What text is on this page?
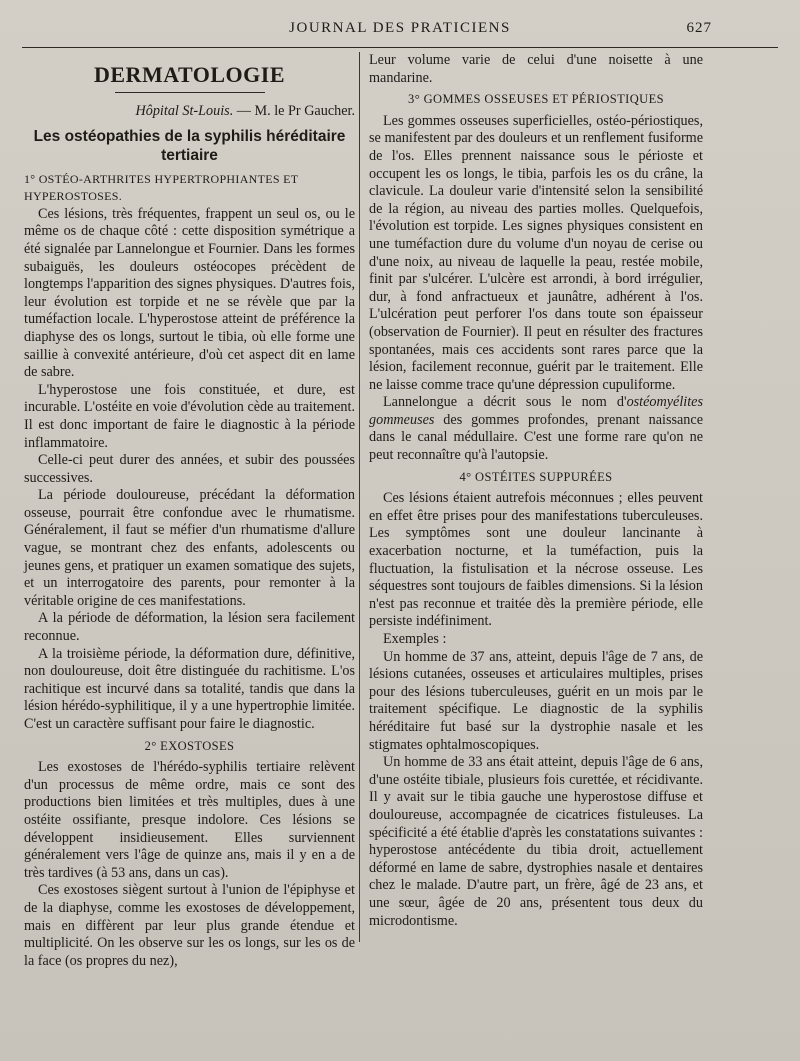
JOURNAL DES PRATICIENS	627
DERMATOLOGIE
Hôpital St-Louis. — M. le Pr Gaucher.
Les ostéopathies de la syphilis héréditaire tertiaire
1° OSTÉO-ARTHRITES HYPERTROPHIANTES ET HYPEROSTOSES.

Ces lésions, très fréquentes, frappent un seul os, ou le même os de chaque côté : cette disposition symétrique a été signalée par Lannelongue et Fournier. Dans les formes subaiguës, les douleurs ostéocopes précèdent de longtemps l'apparition des signes physiques. D'autres fois, leur évolution est torpide et ne se révèle que par la tuméfaction locale. L'hyperostose atteint de préférence la diaphyse des os longs, surtout le tibia, où elle forme une saillie à convexité antérieure, d'où cet aspect dit en lame de sabre.

L'hyperostose une fois constituée, et dure, est incurable. L'ostéite en voie d'évolution cède au traitement. Il est donc important de faire le diagnostic à la période inflammatoire.

Celle-ci peut durer des années, et subir des poussées successives.

La période douloureuse, précédant la déformation osseuse, pourrait être confondue avec le rhumatisme. Généralement, il faut se méfier d'un rhumatisme d'allure vague, se montrant chez des enfants, adolescents ou jeunes gens, et pratiquer un examen somatique des sujets, et un interrogatoire des parents, pour remonter à la véritable origine de ces manifestations.

A la période de déformation, la lésion sera facilement reconnue.

A la troisième période, la déformation dure, définitive, non douloureuse, doit être distinguée du rachitisme. L'os rachitique est incurvé dans sa totalité, tandis que dans la lésion hérédo-syphilitique, il y a une hypertrophie limitée. C'est un caractère suffisant pour faire le diagnostic.

2° EXOSTOSES

Les exostoses de l'hérédo-syphilis tertiaire relèvent d'un processus de même ordre, mais ce sont des productions bien limitées et très multiples, dues à une ostéite ossifiante, presque indolore. Ces lésions se développent insidieusement. Elles surviennent généralement vers l'âge de quinze ans, mais il y en a de très tardives (à 53 ans, dans un cas).

Ces exostoses siègent surtout à l'union de l'épiphyse et de la diaphyse, comme les exostoses de développement, mais en diffèrent par leur plus grande étendue et multiplicité. On les observe sur les os longs, sur les os de la face (os propres du nez),

Leur volume varie de celui d'une noisette à une mandarine.

3° GOMMES OSSEUSES ET PÉRIOSTIQUES

Les gommes osseuses superficielles, ostéo-périostiques, se manifestent par des douleurs et un renflement fusiforme de l'os. Elles prennent naissance sous le périoste et occupent les os longs, le tibia, parfois les os du crâne, la clavicule. La douleur varie d'intensité selon la sensibilité de la région, au niveau des parties molles. Quelquefois, l'évolution est torpide. Les signes physiques consistent en une tuméfaction dure du volume d'un noyau de cerise ou d'une noix, au niveau de laquelle la peau, restée mobile, finit par s'ulcérer. L'ulcère est arrondi, à bord irrégulier, dur, à fond anfractueux et jaunâtre, adhérent à l'os. L'ulcération peut perforer l'os dans toute son épaisseur (observation de Fournier). Il peut en résulter des fractures spontanées, mais ces accidents sont rares parce que la lésion, facilement reconnue, guérit par le traitement. Elle ne laisse comme trace qu'une dépression cupuliforme.

Lannelongue a décrit sous le nom d'ostéomyélites gommeuses des gommes profondes, prenant naissance dans le canal médullaire. C'est une forme rare qu'on ne peut reconnaître qu'à l'autopsie.

4° OSTÉITES SUPPURÉES

Ces lésions étaient autrefois méconnues ; elles peuvent en effet être prises pour des manifestations tuberculeuses. Les symptômes sont une douleur lancinante à exacerbation nocturne, et la tuméfaction, puis la fluctuation, la fistulisation et la nécrose osseuse. Les séquestres sont toujours de faibles dimensions. Si la lésion n'est pas reconnue et traitée dès la première période, elle persiste indéfiniment.

Exemples :

Un homme de 37 ans, atteint, depuis l'âge de 7 ans, de lésions cutanées, osseuses et articulaires multiples, prises pour des lésions tuberculeuses, guérit en un mois par le traitement spécifique. Le diagnostic de la syphilis héréditaire fut basé sur la dystrophie nasale et les stigmates ophtalmoscopiques.

Un homme de 33 ans était atteint, depuis l'âge de 6 ans, d'une ostéite tibiale, plusieurs fois curettée, et récidivante. Il y avait sur le tibia gauche une hyperostose diffuse et douloureuse, accompagnée de cicatrices fistuleuses. La spécificité a été établie d'après les constatations suivantes : hyperostose antécédente du tibia droit, actuellement déformé en lame de sabre, dystrophies nasale et dentaires chez le malade. D'autre part, un frère, âgé de 23 ans, et une sœur, âgée de 20 ans, présentent tous deux du microdontisme.
